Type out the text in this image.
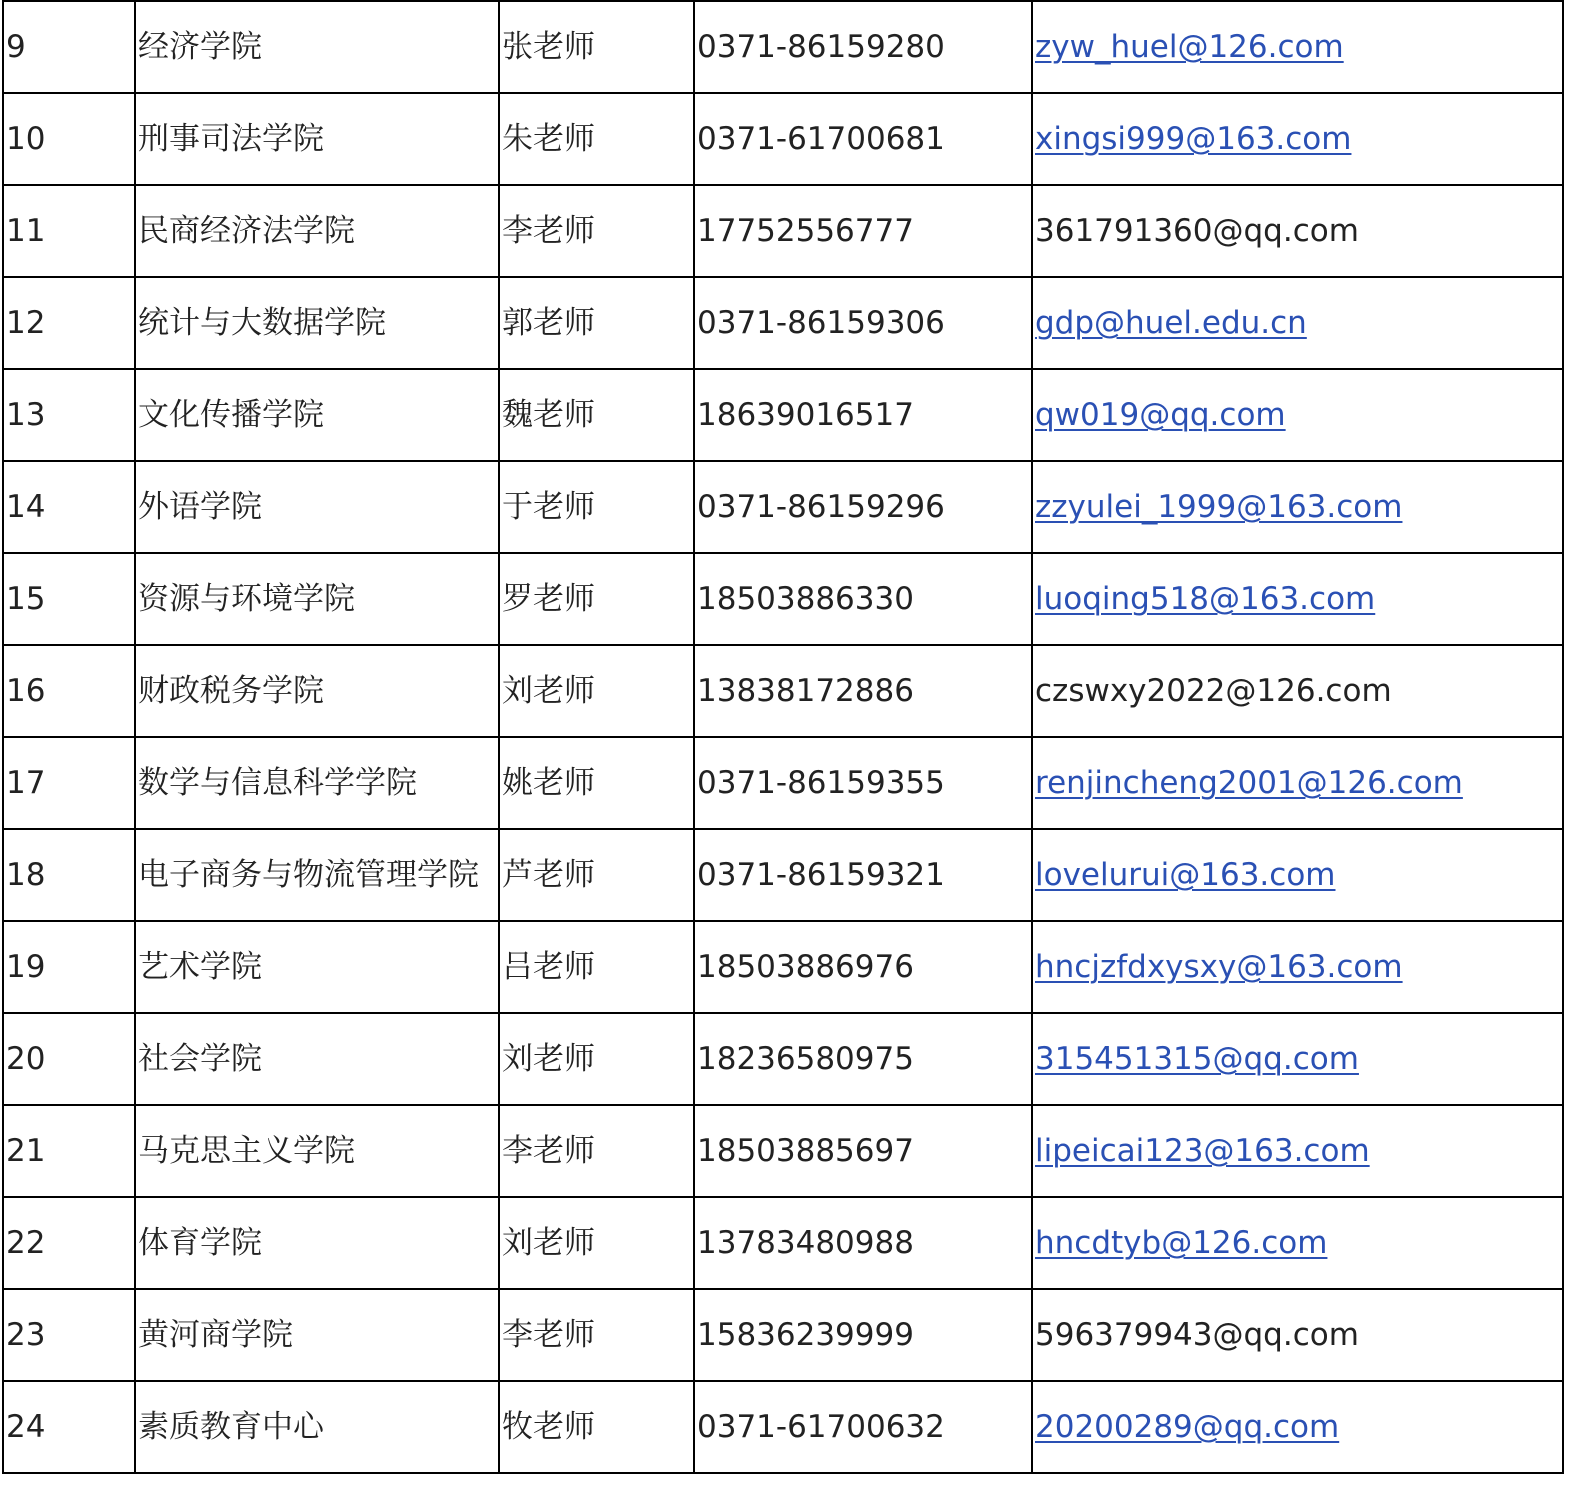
9	经济学院	张老师	0371-86159280	zyw_huel@126.com
10	刑事司法学院	朱老师	0371-61700681	xingsi999@163.com
11	民商经济法学院	李老师	17752556777	361791360@qq.com
12	统计与大数据学院	郭老师	0371-86159306	gdp@huel.edu.cn
13	文化传播学院	魏老师	18639016517	qw019@qq.com
14	外语学院	于老师	0371-86159296	zzyulei_1999@163.com
15	资源与环境学院	罗老师	18503886330	luoqing518@163.com
16	财政税务学院	刘老师	13838172886	czswxy2022@126.com
17	数学与信息科学学院	姚老师	0371-86159355	renjincheng2001@126.com
18	电子商务与物流管理学院	芦老师	0371-86159321	lovelurui@163.com
19	艺术学院	吕老师	18503886976	hncjzfdxysxy@163.com
20	社会学院	刘老师	18236580975	315451315@qq.com
21	马克思主义学院	李老师	18503885697	lipeicai123@163.com
22	体育学院	刘老师	13783480988	hncdtyb@126.com
23	黄河商学院	李老师	15836239999	596379943@qq.com
24	素质教育中心	牧老师	0371-61700632	20200289@qq.com
